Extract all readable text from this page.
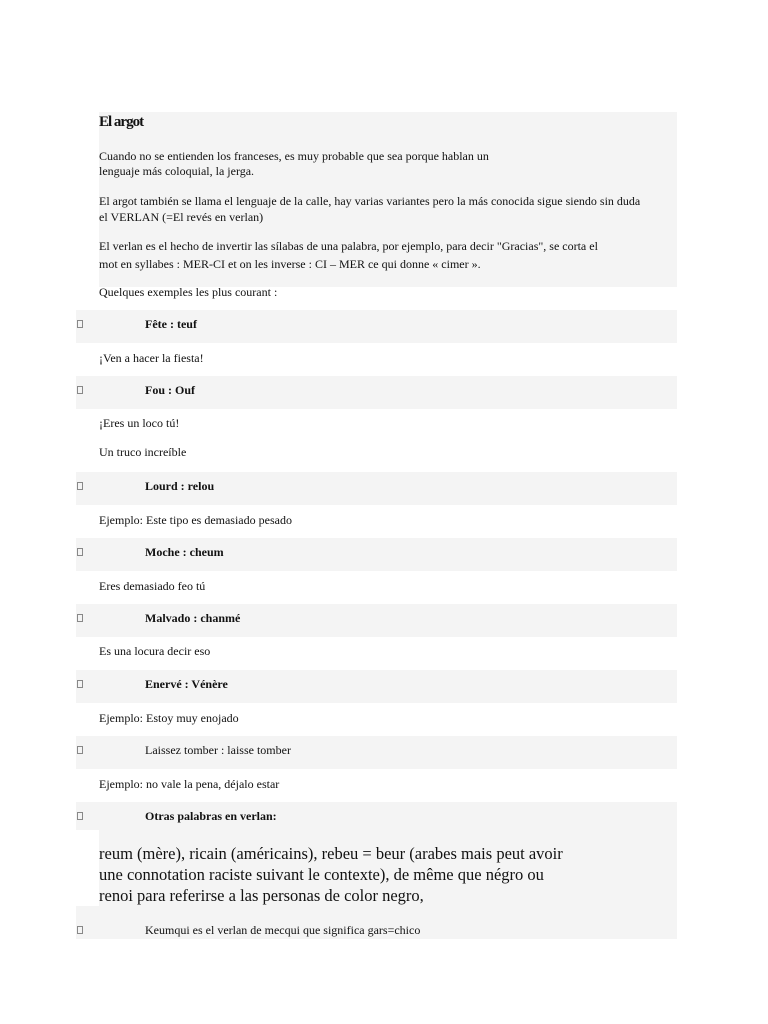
El argot
Cuando no se entienden los franceses, es muy probable que sea porque hablan un
lenguaje más coloquial, la jerga.
El argot también se llama el lenguaje de la calle, hay varias variantes pero la más conocida sigue siendo sin duda
el VERLAN (=El revés en verlan)
El verlan es el hecho de invertir las sílabas de una palabra, por ejemplo, para decir "Gracias", se corta el
mot en syllabes : MER-CI et on les inverse : CI – MER ce qui donne « cimer ».
Quelques exemples les plus courant :
Fête : teuf
¡Ven a hacer la fiesta!
Fou : Ouf
¡Eres un loco tú!
Un truco increíble
Lourd : relou
Ejemplo: Este tipo es demasiado pesado
Moche : cheum
Eres demasiado feo tú
Malvado : chanmé
Es una locura decir eso
Enervé : Vénère
Ejemplo: Estoy muy enojado
Laissez tomber : laisse tomber
Ejemplo: no vale la pena, déjalo estar
Otras palabras en verlan:
reum (mère), ricain (américains), rebeu = beur (arabes mais peut avoir
une connotation raciste suivant le contexte), de même que négro ou
renoi para referirse a las personas de color negro,
Keumqui es el verlan de mecqui que significa gars=chico
